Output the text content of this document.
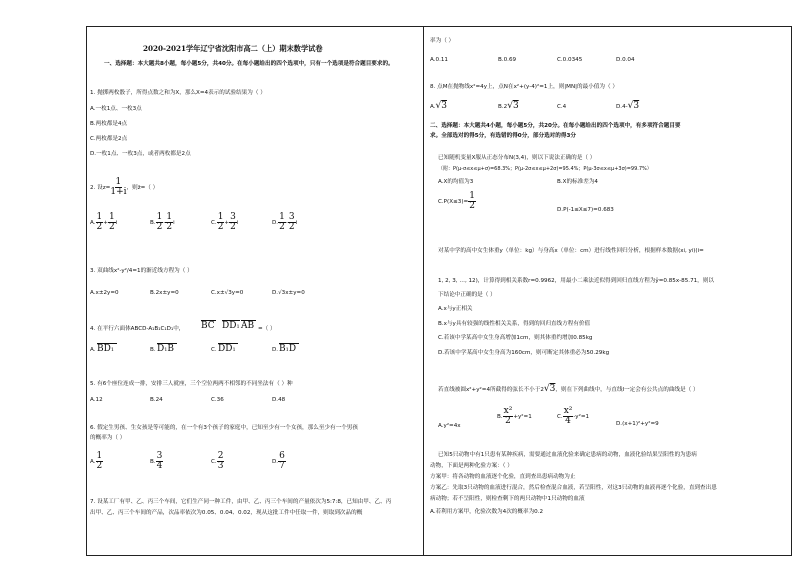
2020-2021学年辽宁省沈阳市高二（上）期末数学试卷
一、选择题：本大题共8小题，每小题5分，共40分。在每小题给出的四个选项中，只有一个选项是符合题目要求的。
1. 抛掷两枚骰子，所得点数之和为X，那么X=4表示的试验结果为（ ）
A.一枚1点、一枚3点
B.两枚都是4点
C.两枚都是2点
D.一枚1点、一枚3点，或者两枚都是2点
2. 设$z= \frac{1}{1+i}$ ，则z̄=（ ）
A. $\frac{1}{2} + \frac{1}{2}$ i	B. $\frac{1}{2} - \frac{1}{2}$ i	C. $\frac{1}{2} + \frac{3}{2}$ i	D. $\frac{1}{2} - \frac{3}{2}$ i
3. 双曲线x²-y²/4=1的渐近线方程为（ ）
A.x±2y=0	B.2x±y=0	C.x±√3y=0	D.√3x±y=0
4. 在平行六面体ABCD-A₁B₁C₁D₁中， BC DD1 AB =（ ）
A. BD1	B. D1B	C. DD1	D. B1D
5. 有6个座位连成一排，安排三人就座，三个空位两两不相邻的不同坐法有（ ）种
A.12	B.24	C.36	D.48
6. 假定生男孩、生女孩是等可能的，在一个有3个孩子的家庭中，已知至少有一个女孩，那么至少有一个男孩
的概率为（ ）
A. $\frac{1}{2}$	B. $\frac{3}{4}$	C. $\frac{2}{3}$	D. $\frac{6}{7}$
7. 设某工厂有甲、乙、丙三个车间，它们生产同一种工件，由甲、乙、丙三个车间的产量依次为5:7:8，已知由甲、乙、丙
出甲、乙、丙三个车间的产品，次品率依次为0.05、0.04、0.02，现从这批工件中任取一件，则取到次品的概
率为（ ）
A.0.11	B.0.69	C.0.0345	D.0.04
8. 点M在抛物线x²=4y上，点N在x²+(y-4)²=1上，则|MN|的最小值为（ ）
A.√3	B.2√3	C.4	D.4-√3
二、选择题：本大题共4小题，每小题5分，共20分。在每小题给出的四个选项中，有多项符合题目要
求。全部选对的得5分，有选错的得0分，部分选对的得3分
已知随机变量X服从正态分布N(3,4)，则以下说法正确的是（ ）
（附：P(μ-σ≤x≤μ+σ)=68.3%；P(μ-2σ≤x≤μ+2σ)=95.4%；P(μ-3σ≤x≤μ+3σ)=99.7%）
A.X的均值为3	B.X的标准差为4
$C.P(X\le 3)= \frac{1}{2}$	D.P(-1≤X≤7)=0.683
对某中学的高中女生体重y（单位：kg）与身高x（单位：cm）进行线性回归分析，根据样本数据(xi, yi)(i=
1, 2, 3, …, 12)，计算得到相关系数r=0.9962，用最小二乘法近似得到回归直线方程为ŷ=0.85x-85.71，则以
下结论中正确的是（ ）
A.x与y正相关
B.x与y具有较强的线性相关关系，得到的回归直线方程有价值
C.若该中学某高中女生身高增加1cm，则其体重约增加0.85kg
D.若该中学某高中女生身高为160cm，则可断定其体重必为50.29kg
若直线被圆x²+y²=4所截得的弦长不小于2√3，则在下列曲线中，与直线l一定会有公共点的曲线是（ ）
A.y²=4x
B. $\frac{\text{x²}}{2} +y^2=1$	C. $\frac{\text{x²}}{4} -y^2=1$
D.(x+1)²+y²=9
已知5只动物中有1只患有某种疾病，需要通过血液化验来确定患病的动物，血液化验结果呈阳性的为患病
动物，下面是两种化验方案：（ ）
方案甲：将各动物的血液逐个化验，直到查出患病动物为止
方案乙：先取3只动物的血液进行混合，然后检查混合血液，若呈阳性，对这3只动物的血液再逐个化验，直到查出患
病动物；若不呈阳性，则检查剩下的两只动物中1只动物的血液
A.若利用方案甲，化验次数为4次的概率为0.2
